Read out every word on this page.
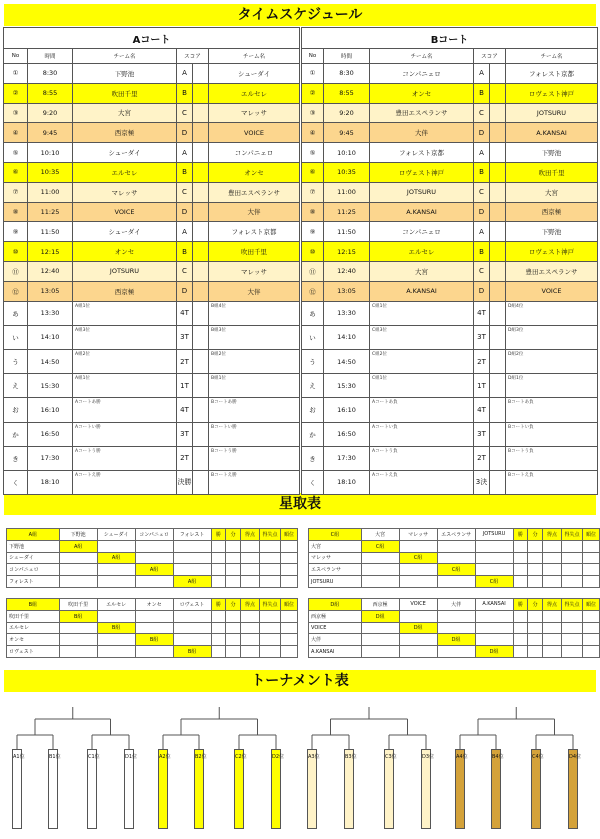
タイムスケジュール
星取表
トーナメント表
Aコート					
No	時間	チーム名	スコア		チーム名
①	8:30	下野池	A		シューダイ
②	8:55	吹田千里	B		エルセレ
③	9:20	大宮	C		マレッサ
④	9:45	西京極	D		VOICE
⑤	10:10	シューダイ	A		コンパニェロ
⑥	10:35	エルセレ	B		オンセ
⑦	11:00	マレッサ	C		豊田エスペランサ
⑧	11:25	VOICE	D		大伴
⑨	11:50	シューダイ	A		フォレスト京都
⑩	12:15	オンセ	B		吹田千里
⑪	12:40	JOTSURU	C		マレッサ
⑫	13:05	西京極	D		大伴
あ	13:30	A組1位	4T		B組4位
い	14:10	A組3位	3T		B組3位
う	14:50	A組2位	2T		B組2位
え	15:30	A組1位	1T		B組1位
お	16:10	Aコートあ勝	4T		Bコートあ勝
か	16:50	Aコートい勝	3T		Bコートい勝
き	17:30	Aコートう勝	2T		Bコートう勝
く	18:10	Aコートえ勝	決勝		Bコートえ勝
Bコート					
No	時間	チーム名	スコア		チーム名
①	8:30	コンパニェロ	A		フォレスト京都
②	8:55	オンセ	B		ロヴェスト神戸
③	9:20	豊田エスペランサ	C		JOTSURU
④	9:45	大伴	D		A.KANSAI
⑤	10:10	フォレスト京都	A		下野池
⑥	10:35	ロヴェスト神戸	B		吹田千里
⑦	11:00	JOTSURU	C		大宮
⑧	11:25	A.KANSAI	D		西京極
⑨	11:50	コンパニェロ	A		下野池
⑩	12:15	エルセレ	B		ロヴェスト神戸
⑪	12:40	大宮	C		豊田エスペランサ
⑫	13:05	A.KANSAI	D		VOICE
あ	13:30	C組1位	4T		D組4位
い	14:10	C組3位	3T		D組3位
う	14:50	C組2位	2T		D組2位
え	15:30	C組1位	1T		D組1位
お	16:10	Aコートあ負	4T		Bコートあ負
か	16:50	Aコートい負	3T		Bコートい負
き	17:30	Aコートう負	2T		Bコートう負
く	18:10	Aコートえ負	3決		Bコートえ負
A組	下野池	シューダイ	コンパニェロ	フォレスト	勝	分	得点	得失点	順位
下野池	A組								
シューダイ		A組							
コンパニェロ			A組						
フォレスト				A組					
C組	大宮	マレッサ	エスペランサ	JOTSURU	勝	分	得点	得失点	順位
大宮	C組								
マレッサ		C組							
エスペランサ			C組						
JOTSURU				C組					
B組	吹田千里	エルセレ	オンセ	ロヴェスト	勝	分	得点	得失点	順位
吹田千里	B組								
エルセレ		B組							
オンセ			B組						
ロヴェスト				B組					
D組	西京極	VOICE	大伴	A.KANSAI	勝	分	得点	得失点	順位
西京極	D組								
VOICE		D組							
大伴			D組						
A.KANSAI				D組					
A1位	B1位	C1位	D1位	A2位	B2位	C2位	D2位	A3位	B3位	C3位	D3位	A4位	B4位	C4位	D4位
